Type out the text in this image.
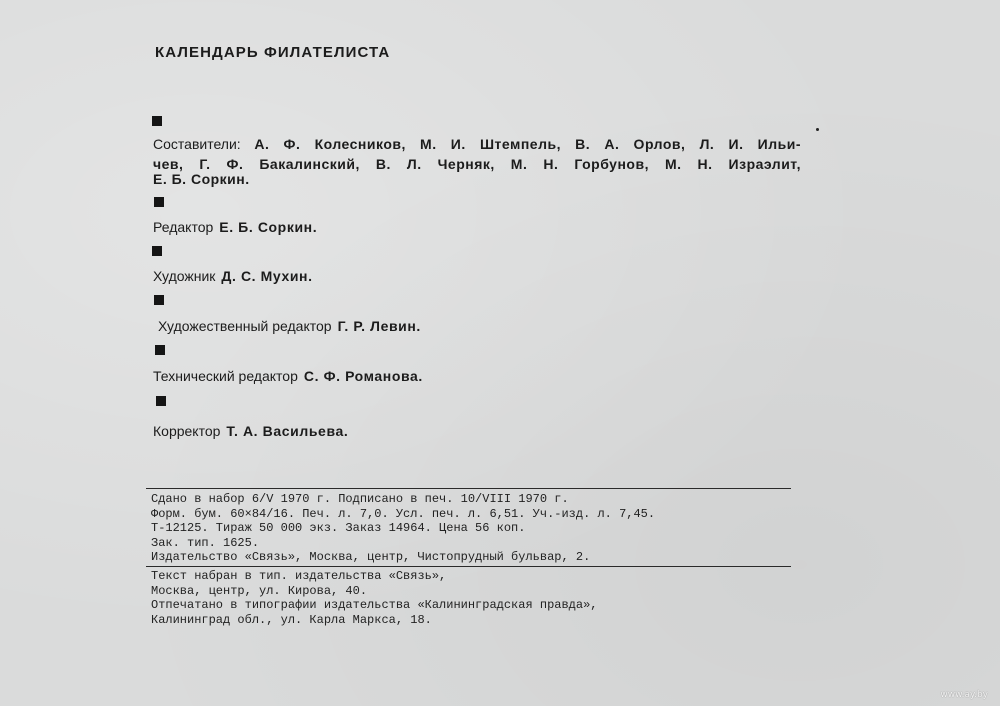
КАЛЕНДАРЬ ФИЛАТЕЛИСТА
Составители: А. Ф. Колесников, М. И. Штемпель, В. А. Орлов, Л. И. Ильи-
чев, Г. Ф. Бакалинский, В. Л. Черняк, М. Н. Горбунов, М. Н. Израэлит,
Е. Б. Соркин.
Редактор Е. Б. Соркин.
Художник Д. С. Мухин.
Художественный редактор Г. Р. Левин.
Технический редактор С. Ф. Романова.
Корректор Т. А. Васильева.
Сдано в набор 6/V 1970 г. Подписано в печ. 10/VIII 1970 г.
Форм. бум. 60×84/16. Печ. л. 7,0. Усл. печ. л. 6,51. Уч.-изд. л. 7,45.
Т-12125. Тираж 50 000 экз. Заказ 14964. Цена 56 коп.
Зак. тип. 1625.
Издательство «Связь», Москва, центр, Чистопрудный бульвар, 2.
Текст набран в тип. издательства «Связь»,
Москва, центр, ул. Кирова, 40.
Отпечатано в типографии издательства «Калининградская правда»,
Калининград обл., ул. Карла Маркса, 18.
www.ay.by
